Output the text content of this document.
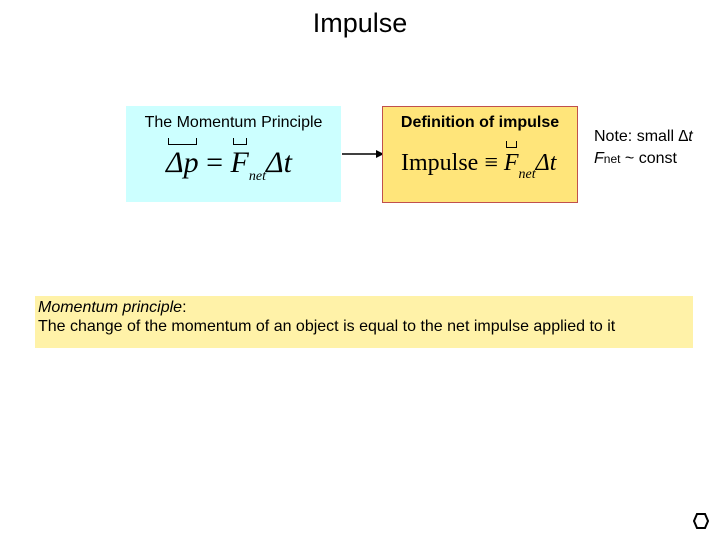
Impulse
The Momentum Principle
$\Delta p = F_{net}\Delta t$
Definition of impulse
Impulse ≡ $F_{net}\Delta t$
Note: small ∆t
Fnet ~ const
Momentum principle:
The change of the momentum of an object is equal to the net impulse applied to it
